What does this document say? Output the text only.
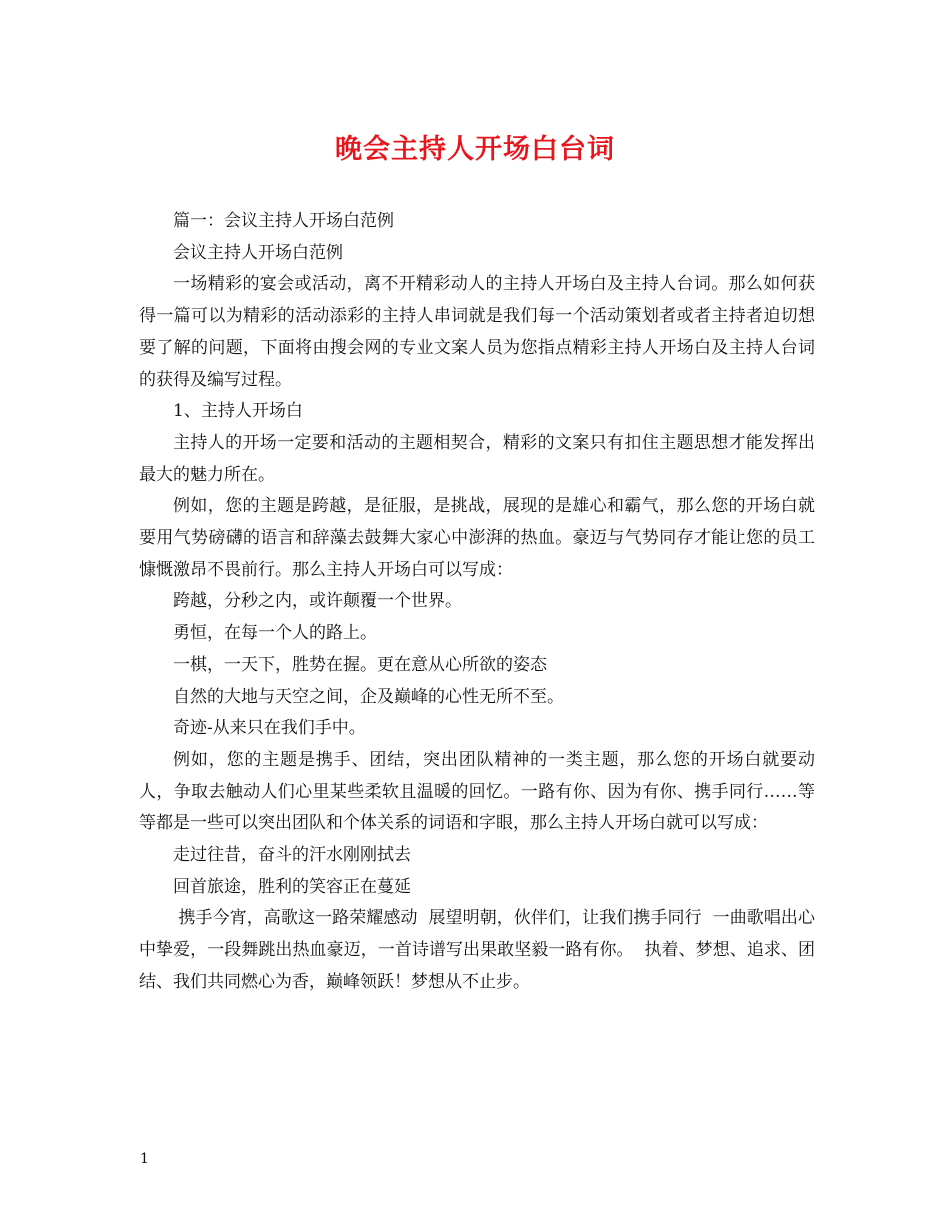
晚会主持人开场白台词

篇一：会议主持人开场白范例

会议主持人开场白范例

一场精彩的宴会或活动，离不开精彩动人的主持人开场白及主持人台词。那么如何获得一篇可以为精彩的活动添彩的主持人串词就是我们每一个活动策划者或者主持者迫切想要了解的问题，下面将由搜会网的专业文案人员为您指点精彩主持人开场白及主持人台词的获得及编写过程。

1、主持人开场白

主持人的开场一定要和活动的主题相契合，精彩的文案只有扣住主题思想才能发挥出最大的魅力所在。

例如，您的主题是跨越，是征服，是挑战，展现的是雄心和霸气，那么您的开场白就要用气势磅礴的语言和辞藻去鼓舞大家心中澎湃的热血。豪迈与气势同存才能让您的员工慷慨激昂不畏前行。那么主持人开场白可以写成：

跨越，分秒之内，或许颠覆一个世界。

勇恒，在每一个人的路上。

一棋，一天下，胜势在握。更在意从心所欲的姿态

自然的大地与天空之间，企及巅峰的心性无所不至。

奇迹-从来只在我们手中。

例如，您的主题是携手、团结，突出团队精神的一类主题，那么您的开场白就要动人，争取去触动人们心里某些柔软且温暖的回忆。一路有你、因为有你、携手同行……等等都是一些可以突出团队和个体关系的词语和字眼，那么主持人开场白就可以写成：

走过往昔，奋斗的汗水刚刚拭去

回首旅途，胜利的笑容正在蔓延

携手今宵，高歌这一路荣耀感动  展望明朝，伙伴们，让我们携手同行  一曲歌唱出心中挚爱，一段舞跳出热血豪迈，一首诗谱写出果敢坚毅一路有你。  执着、梦想、追求、团结、我们共同燃心为香，巅峰领跃！梦想从不止步。

1
